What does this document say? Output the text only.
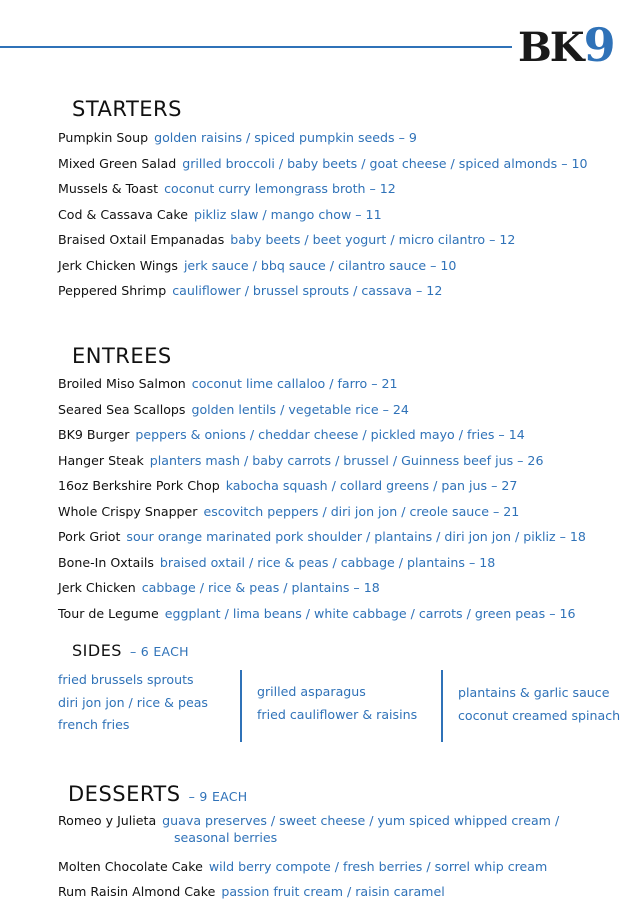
BK9
STARTERS

Pumpkin Soup golden raisins / spiced pumpkin seeds – 9

Mixed Green Salad grilled broccoli / baby beets / goat cheese / spiced almonds – 10

Mussels & Toast coconut curry lemongrass broth – 12

Cod & Cassava Cake pikliz slaw / mango chow – 11

Braised Oxtail Empanadas baby beets / beet yogurt / micro cilantro – 12

Jerk Chicken Wings jerk sauce / bbq sauce / cilantro sauce – 10

Peppered Shrimp cauliflower / brussel sprouts / cassava – 12

ENTREES

Broiled Miso Salmon coconut lime callaloo / farro – 21

Seared Sea Scallops golden lentils / vegetable rice – 24

BK9 Burger peppers & onions / cheddar cheese / pickled mayo / fries – 14

Hanger Steak planters mash / baby carrots / brussel / Guinness beef jus – 26

16oz Berkshire Pork Chop kabocha squash / collard greens / pan jus – 27

Whole Crispy Snapper escovitch peppers / diri jon jon / creole sauce – 21

Pork Griot sour orange marinated pork shoulder / plantains / diri jon jon / pikliz – 18

Bone-In Oxtails braised oxtail / rice & peas / cabbage / plantains – 18

Jerk Chicken cabbage / rice & peas / plantains – 18

Tour de Legume eggplant / lima beans / white cabbage / carrots / green peas – 16

SIDES – 6 EACH
fried brussels sprouts
diri jon jon / rice & peas
french fries
grilled asparagus
fried cauliflower & raisins
plantains & garlic sauce
coconut creamed spinach
DESSERTS – 9 EACH
Romeo y Julieta guava preserves / sweet cheese / yum spiced whipped cream /
seasonal berries
Molten Chocolate Cake wild berry compote / fresh berries / sorrel whip cream
Rum Raisin Almond Cake passion fruit cream / raisin caramel
